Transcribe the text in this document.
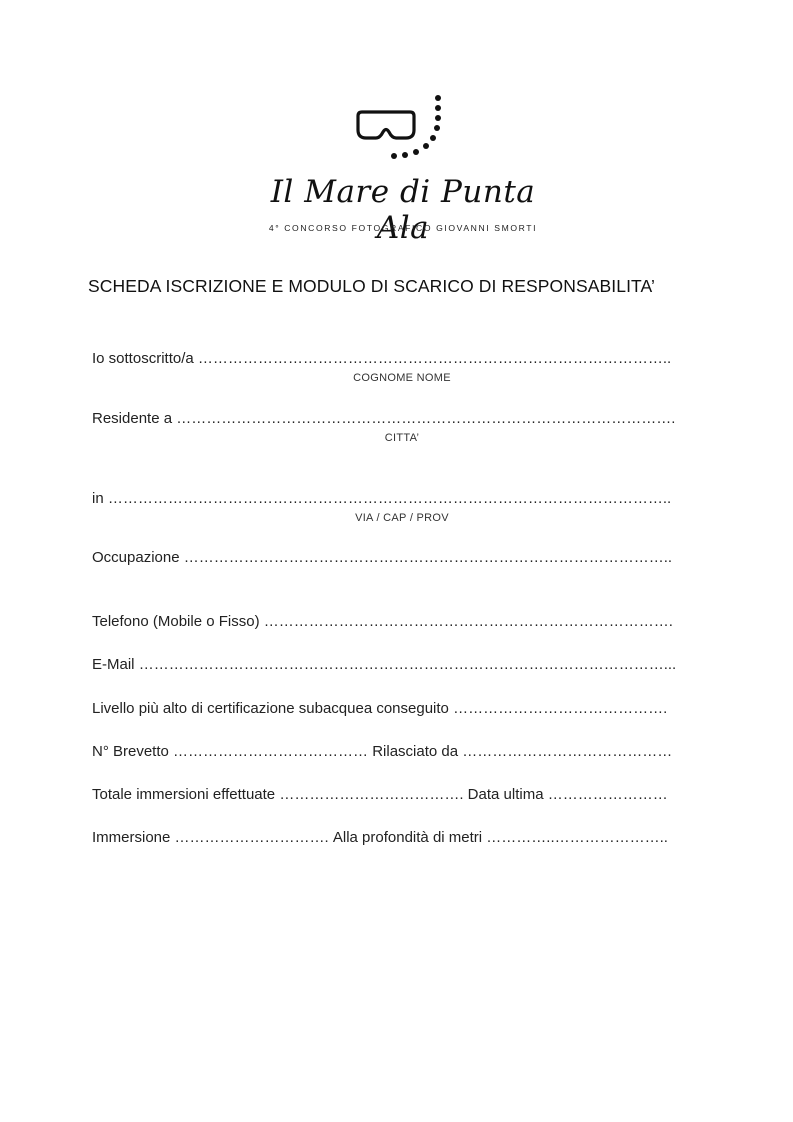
Il Mare di Punta Ala
4° CONCORSO FOTOGRAFICO GIOVANNI SMORTI
SCHEDA ISCRIZIONE E MODULO DI SCARICO DI RESPONSABILITA’
Io sottoscritto/a
…………………………………………………………………………………..
COGNOME NOME
Residente a
……………………………………………………………………………………….
CITTA’
in
…………………………………………………………………………………………………..
VIA / CAP / PROV
Occupazione
……………………………………………………………………………………..
Telefono (Mobile o Fisso)
……………………………………………………………………….
E-Mail
……………………………………………………………………………………………...
Livello più alto di certificazione subacquea conseguito
…………………………………….
N° Brevetto
…………………………………
Rilasciato da
……………………………………
Totale immersioni effettuate
……………………………….
Data ultima
……………………
Immersione
………………………….
Alla profondità di metri
…………..…………………..
